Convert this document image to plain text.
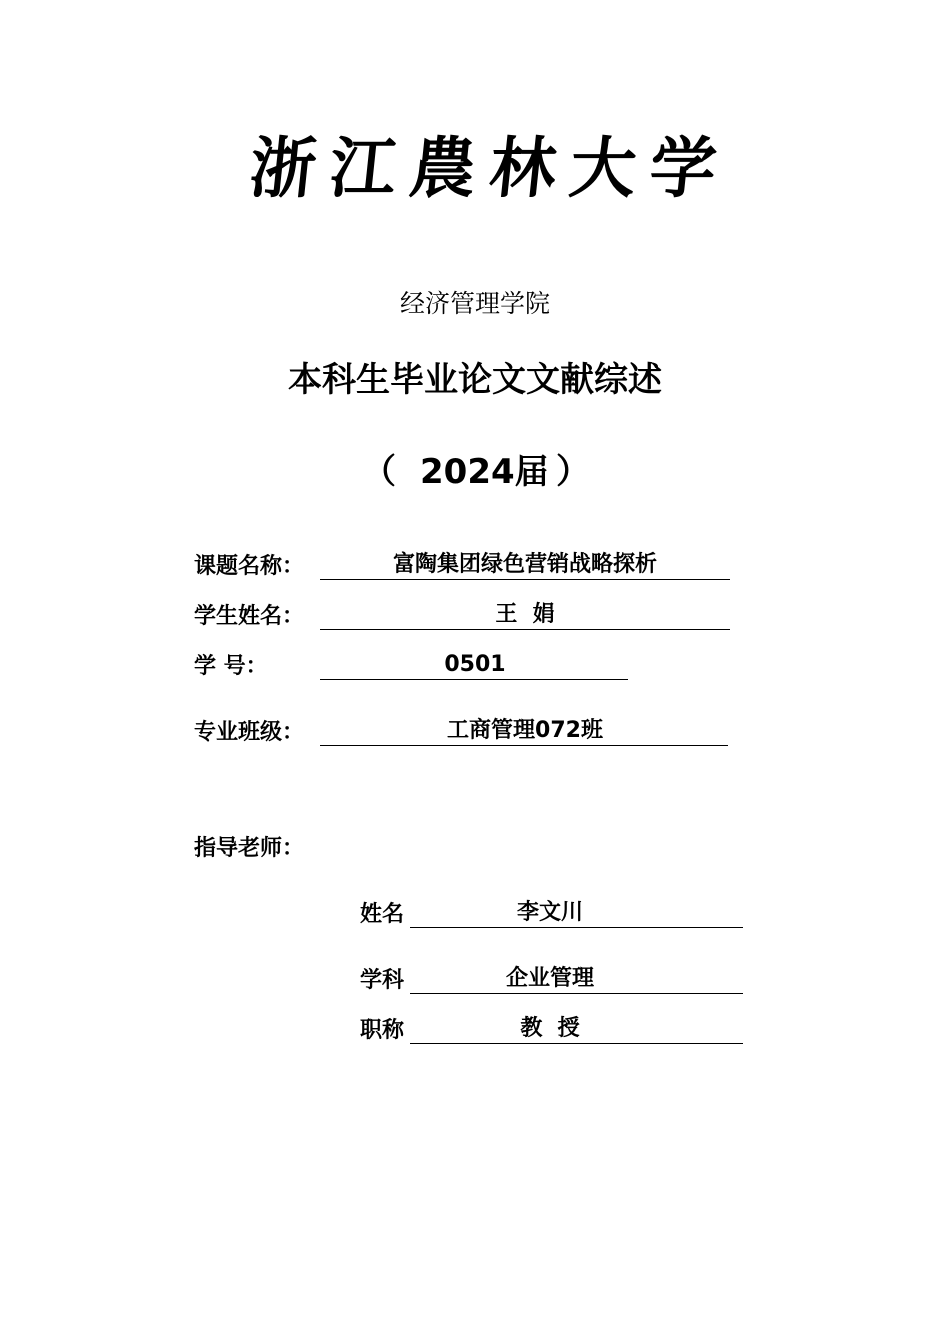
浙江農林大学
经济管理学院
本科生毕业论文文献综述
（ 2024届 ）
课题名称：	富陶集团绿色营销战略探析
学生姓名：	王  娟
学 号：	0501
专业班级：	工商管理072班
指导老师：
姓名	李文川
学科	企业管理
职称	教  授
